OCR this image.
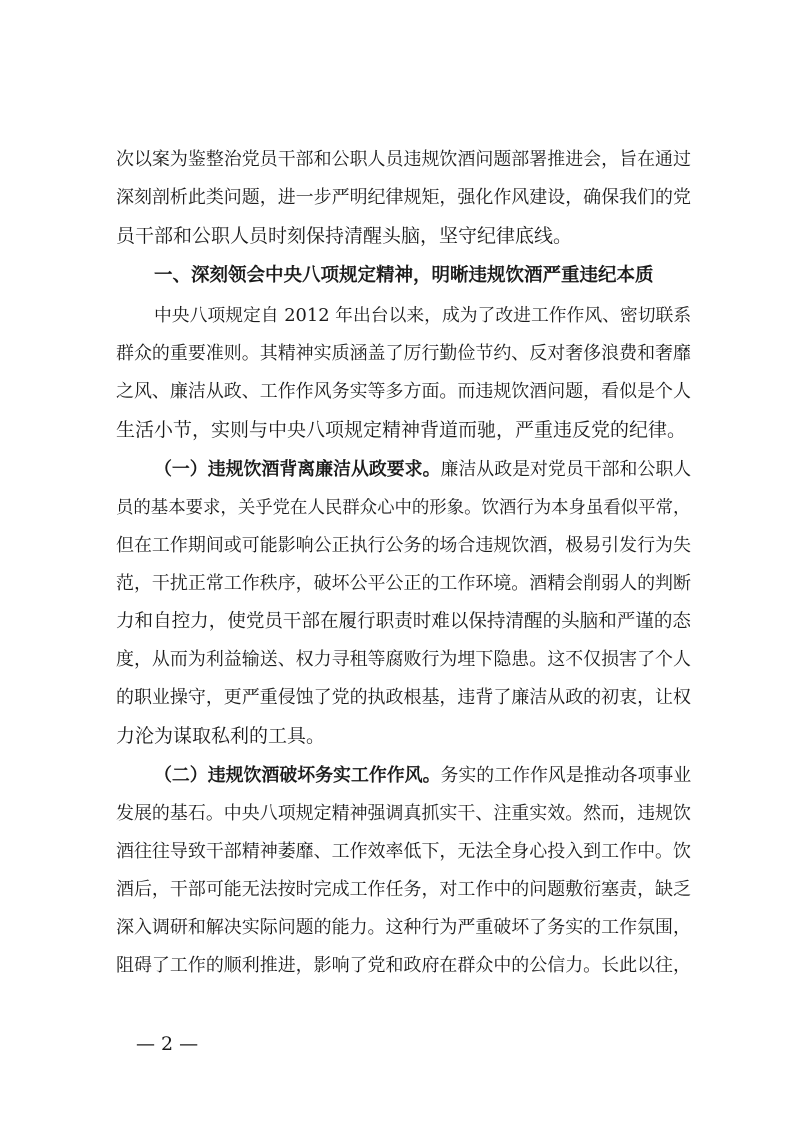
次以案为鉴整治党员干部和公职人员违规饮酒问题部署推进会，旨在通过
深刻剖析此类问题，进一步严明纪律规矩，强化作风建设，确保我们的党
员干部和公职人员时刻保持清醒头脑，坚守纪律底线。
一、深刻领会中央八项规定精神，明晰违规饮酒严重违纪本质
中央八项规定自 2012 年出台以来，成为了改进工作作风、密切联系
群众的重要准则。其精神实质涵盖了厉行勤俭节约、反对奢侈浪费和奢靡
之风、廉洁从政、工作作风务实等多方面。而违规饮酒问题，看似是个人
生活小节，实则与中央八项规定精神背道而驰，严重违反党的纪律。
（一）违规饮酒背离廉洁从政要求。 廉洁从政是对党员干部和公职人
员的基本要求，关乎党在人民群众心中的形象。饮酒行为本身虽看似平常，
但在工作期间或可能影响公正执行公务的场合违规饮酒，极易引发行为失
范，干扰正常工作秩序，破坏公平公正的工作环境。酒精会削弱人的判断
力和自控力，使党员干部在履行职责时难以保持清醒的头脑和严谨的态
度，从而为利益输送、权力寻租等腐败行为埋下隐患。这不仅损害了个人
的职业操守，更严重侵蚀了党的执政根基，违背了廉洁从政的初衷，让权
力沦为谋取私利的工具。
（二）违规饮酒破坏务实工作作风。 务实的工作作风是推动各项事业
发展的基石。中央八项规定精神强调真抓实干、注重实效。然而，违规饮
酒往往导致干部精神萎靡、工作效率低下，无法全身心投入到工作中。饮
酒后，干部可能无法按时完成工作任务，对工作中的问题敷衍塞责，缺乏
深入调研和解决实际问题的能力。这种行为严重破坏了务实的工作氛围，
阻碍了工作的顺利推进，影响了党和政府在群众中的公信力。长此以往，
— 2 —
